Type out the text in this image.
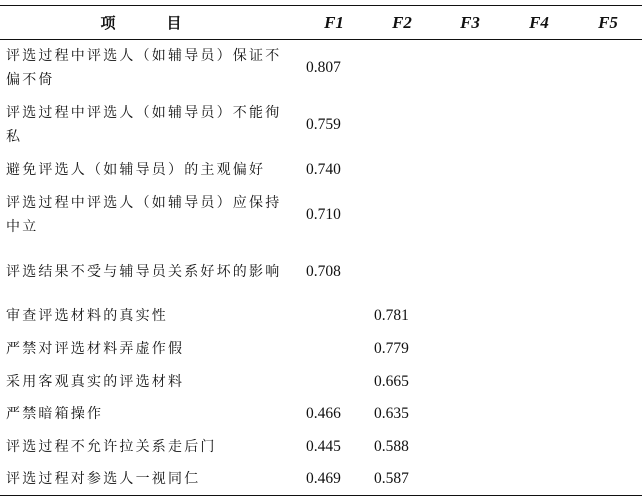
项　目	F1	F2	F3	F4	F5
评选过程中评选人（如辅导员）保证不偏不倚	0.807				
评选过程中评选人（如辅导员）不能徇私	0.759				
避免评选人（如辅导员）的主观偏好	0.740				
评选过程中评选人（如辅导员）应保持中立	0.710				
评选结果不受与辅导员关系好坏的影响	0.708				
审查评选材料的真实性		0.781			
严禁对评选材料弄虚作假		0.779			
采用客观真实的评选材料		0.665			
严禁暗箱操作	0.466	0.635			
评选过程不允许拉关系走后门	0.445	0.588			
评选过程对参选人一视同仁	0.469	0.587			
